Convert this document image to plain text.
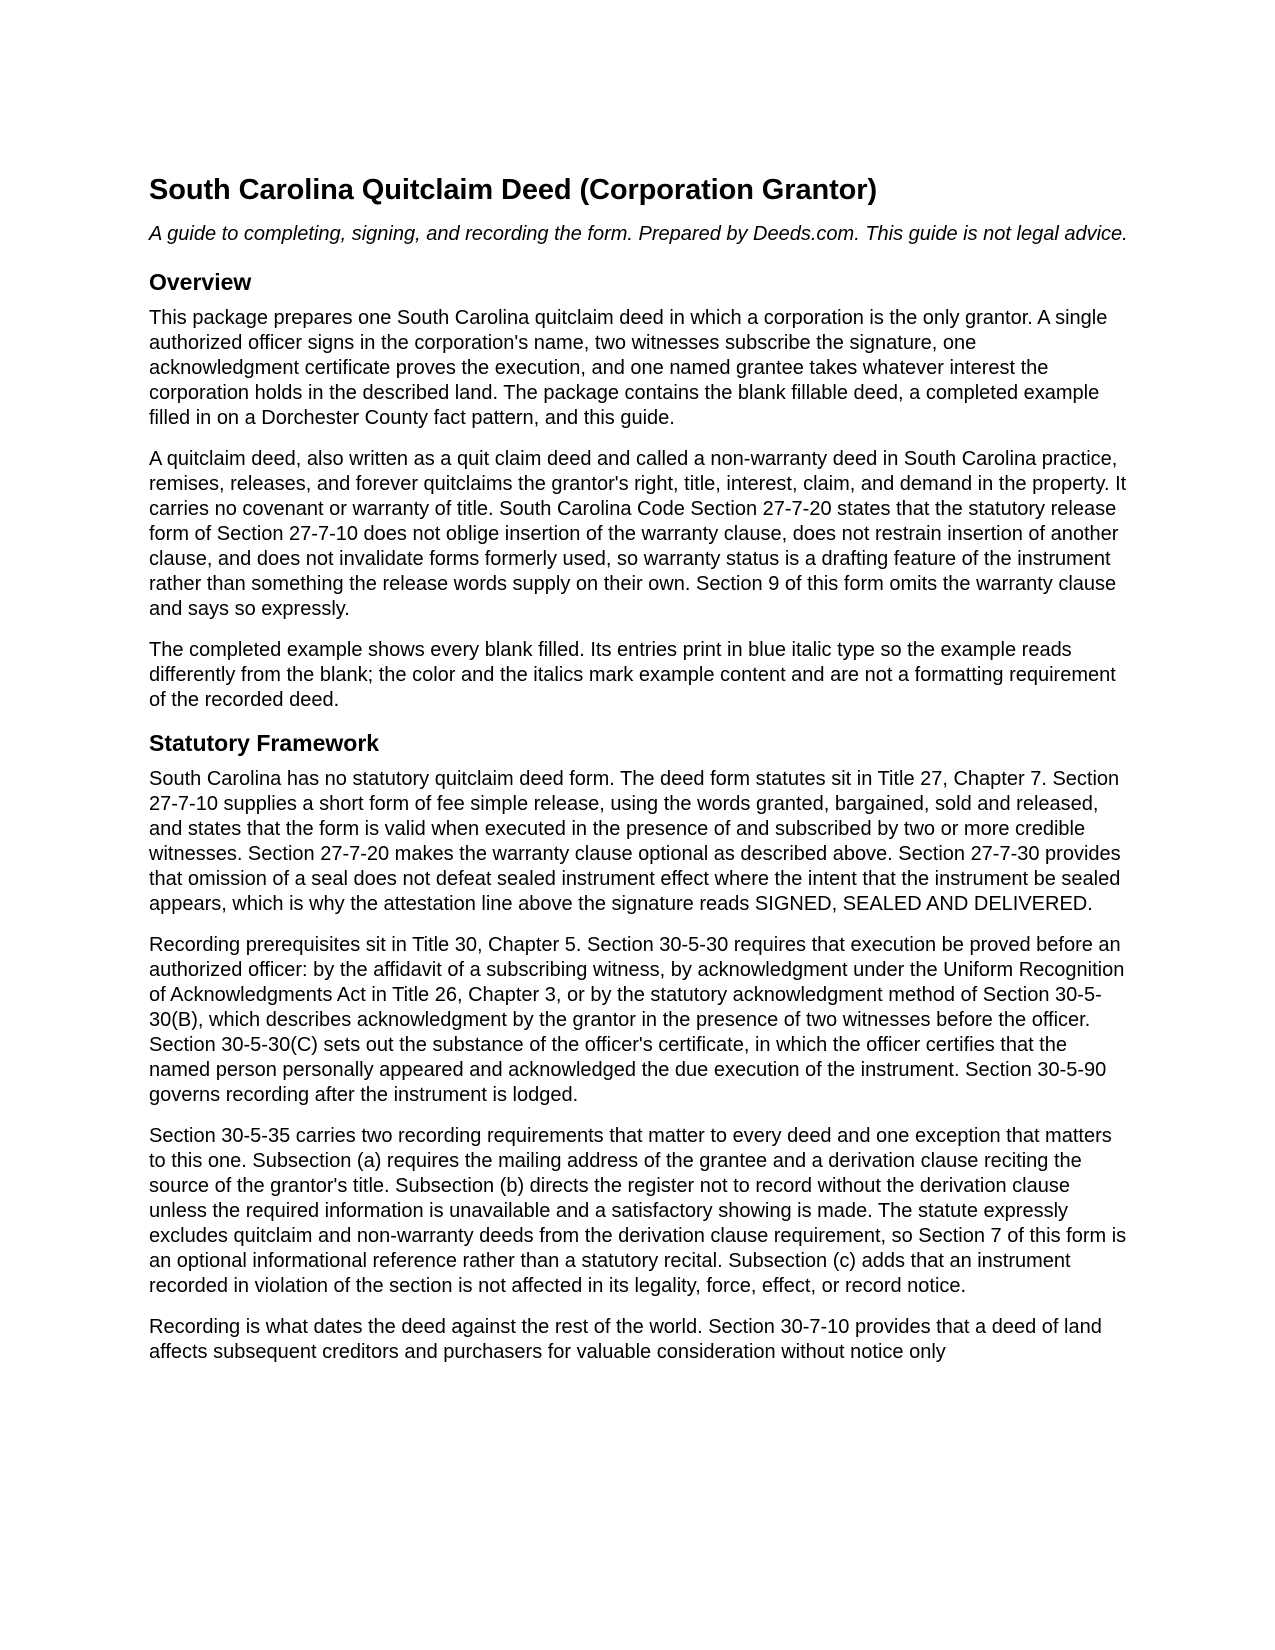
South Carolina Quitclaim Deed (Corporation Grantor)
A guide to completing, signing, and recording the form. Prepared by Deeds.com. This guide is not legal advice.
Overview

This package prepares one South Carolina quitclaim deed in which a corporation is the only grantor. A single authorized officer signs in the corporation's name, two witnesses subscribe the signature, one acknowledgment certificate proves the execution, and one named grantee takes whatever interest the corporation holds in the described land. The package contains the blank fillable deed, a completed example filled in on a Dorchester County fact pattern, and this guide.

A quitclaim deed, also written as a quit claim deed and called a non-warranty deed in South Carolina practice, remises, releases, and forever quitclaims the grantor's right, title, interest, claim, and demand in the property. It carries no covenant or warranty of title. South Carolina Code Section 27-7-20 states that the statutory release form of Section 27-7-10 does not oblige insertion of the warranty clause, does not restrain insertion of another clause, and does not invalidate forms formerly used, so warranty status is a drafting feature of the instrument rather than something the release words supply on their own. Section 9 of this form omits the warranty clause and says so expressly.

The completed example shows every blank filled. Its entries print in blue italic type so the example reads differently from the blank; the color and the italics mark example content and are not a formatting requirement of the recorded deed.

Statutory Framework

South Carolina has no statutory quitclaim deed form. The deed form statutes sit in Title 27, Chapter 7. Section 27-7-10 supplies a short form of fee simple release, using the words granted, bargained, sold and released, and states that the form is valid when executed in the presence of and subscribed by two or more credible witnesses. Section 27-7-20 makes the warranty clause optional as described above. Section 27-7-30 provides that omission of a seal does not defeat sealed instrument effect where the intent that the instrument be sealed appears, which is why the attestation line above the signature reads SIGNED, SEALED AND DELIVERED.

Recording prerequisites sit in Title 30, Chapter 5. Section 30-5-30 requires that execution be proved before an authorized officer: by the affidavit of a subscribing witness, by acknowledgment under the Uniform Recognition of Acknowledgments Act in Title 26, Chapter 3, or by the statutory acknowledgment method of Section 30-5-30(B), which describes acknowledgment by the grantor in the presence of two witnesses before the officer. Section 30-5-30(C) sets out the substance of the officer's certificate, in which the officer certifies that the named person personally appeared and acknowledged the due execution of the instrument. Section 30-5-90 governs recording after the instrument is lodged.

Section 30-5-35 carries two recording requirements that matter to every deed and one exception that matters to this one. Subsection (a) requires the mailing address of the grantee and a derivation clause reciting the source of the grantor's title. Subsection (b) directs the register not to record without the derivation clause unless the required information is unavailable and a satisfactory showing is made. The statute expressly excludes quitclaim and non-warranty deeds from the derivation clause requirement, so Section 7 of this form is an optional informational reference rather than a statutory recital. Subsection (c) adds that an instrument recorded in violation of the section is not affected in its legality, force, effect, or record notice.

Recording is what dates the deed against the rest of the world. Section 30-7-10 provides that a deed of land affects subsequent creditors and purchasers for valuable consideration without notice only
